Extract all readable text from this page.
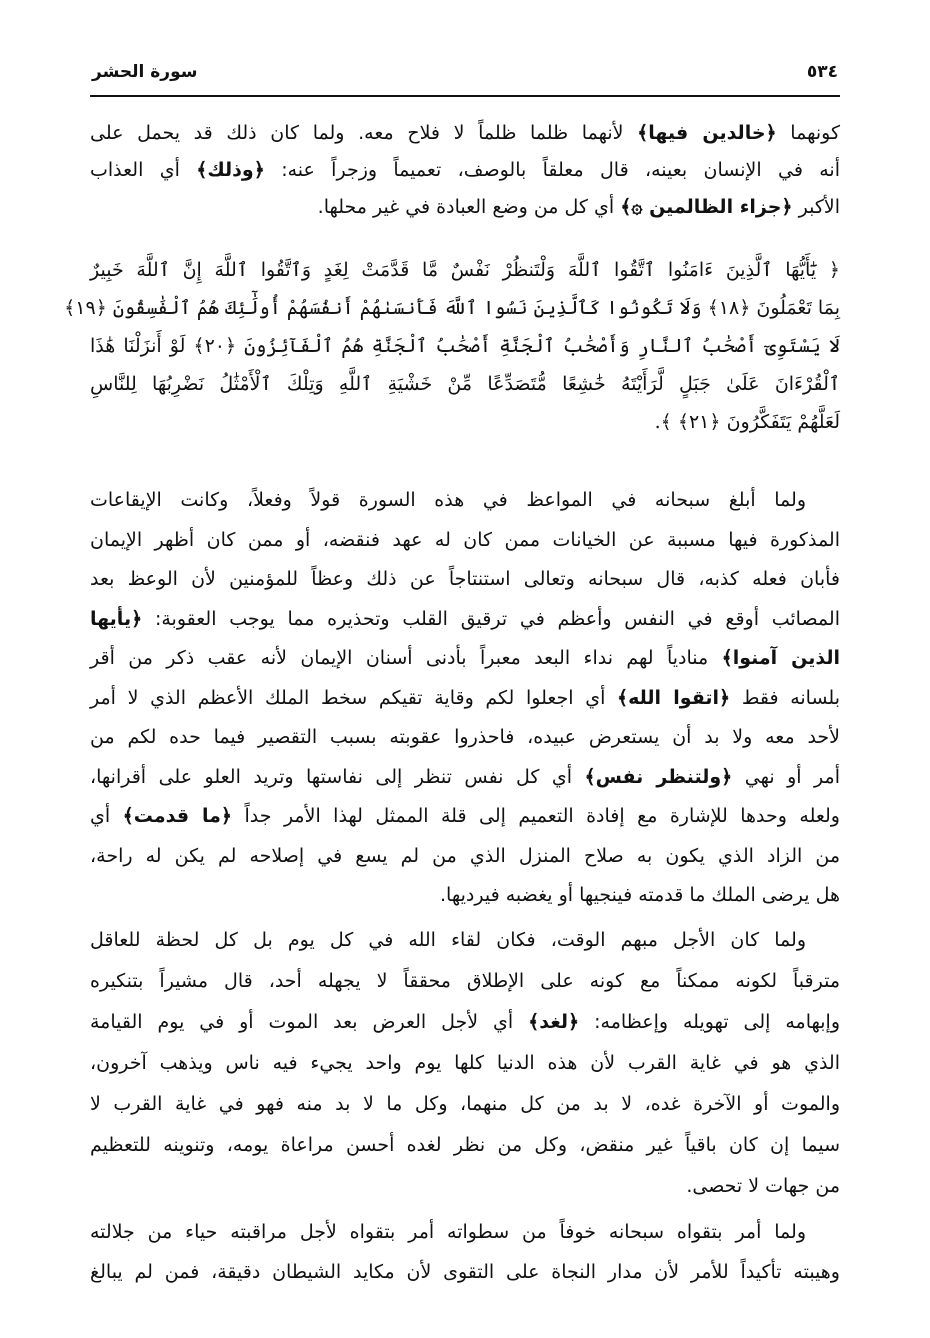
٥٣٤
سورة الحشر
كونهما ﴿خالدين فيها﴾ لأنهما ظلما ظلماً لا فلاح معه. ولما كان ذلك قد يحمل على
أنه في الإنسان بعينه، قال معلقاً بالوصف، تعميماً وزجراً عنه: ﴿وذلك﴾ أي العذاب
الأكبر ﴿جزاء الظالمين ۞﴾ أي كل من وضع العبادة في غير محلها.
﴿ يَٰٓأَيُّهَا ٱلَّذِينَ ءَامَنُوا ٱتَّقُوا ٱللَّهَ وَلْتَنظُرْ نَفْسٌ مَّا قَدَّمَتْ لِغَدٍ وَٱتَّقُوا ٱللَّهَ إِنَّ ٱللَّهَ خَبِيرٌ
بِمَا تَعْمَلُونَ ﴿١٨﴾ وَلَا تَكُونُوا كَٱلَّذِينَ نَسُوا ٱللَّهَ فَأَنسَىٰهُمْ أَنفُسَهُمْ أُولَٰٓئِكَ هُمُ ٱلْفَٰسِقُونَ ﴿١٩﴾
لَا يَسْتَوِىٓ أَصْحَٰبُ ٱلنَّارِ وَأَصْحَٰبُ ٱلْجَنَّةِ أَصْحَٰبُ ٱلْجَنَّةِ هُمُ ٱلْفَآئِزُونَ ﴿٢٠﴾ لَوْ أَنزَلْنَا هَٰذَا
ٱلْقُرْءَانَ عَلَىٰ جَبَلٍ لَّرَأَيْتَهُ خَٰشِعًا مُّتَصَدِّعًا مِّنْ خَشْيَةِ ٱللَّهِ وَتِلْكَ ٱلْأَمْثَٰلُ نَضْرِبُهَا لِلنَّاسِ
لَعَلَّهُمْ يَتَفَكَّرُونَ ﴿٢١﴾ ﴾.
ولما أبلغ سبحانه في المواعظ في هذه السورة قولاً وفعلاً، وكانت الإيقاعات
المذكورة فيها مسببة عن الخيانات ممن كان له عهد فنقضه، أو ممن كان أظهر الإيمان
فأبان فعله كذبه، قال سبحانه وتعالى استنتاجاً عن ذلك وعظاً للمؤمنين لأن الوعظ بعد
المصائب أوقع في النفس وأعظم في ترقيق القلب وتحذيره مما يوجب العقوبة: ﴿يأيها
الذين آمنوا﴾ منادياً لهم نداء البعد معبراً بأدنى أسنان الإيمان لأنه عقب ذكر من أقر
بلسانه فقط ﴿اتقوا الله﴾ أي اجعلوا لكم وقاية تقيكم سخط الملك الأعظم الذي لا أمر
لأحد معه ولا بد أن يستعرض عبيده، فاحذروا عقوبته بسبب التقصير فيما حده لكم من
أمر أو نهي ﴿ولتنظر نفس﴾ أي كل نفس تنظر إلى نفاستها وتريد العلو على أقرانها،
ولعله وحدها للإشارة مع إفادة التعميم إلى قلة الممثل لهذا الأمر جداً ﴿ما قدمت﴾ أي
من الزاد الذي يكون به صلاح المنزل الذي من لم يسع في إصلاحه لم يكن له راحة،
هل يرضى الملك ما قدمته فينجيها أو يغضبه فيرديها.
ولما كان الأجل مبهم الوقت، فكان لقاء الله في كل يوم بل كل لحظة للعاقل
مترقباً لكونه ممكناً مع كونه على الإطلاق محققاً لا يجهله أحد، قال مشيراً بتنكيره
وإبهامه إلى تهويله وإعظامه: ﴿لغد﴾ أي لأجل العرض بعد الموت أو في يوم القيامة
الذي هو في غاية القرب لأن هذه الدنيا كلها يوم واحد يجيء فيه ناس ويذهب آخرون،
والموت أو الآخرة غده، لا بد من كل منهما، وكل ما لا بد منه فهو في غاية القرب لا
سيما إن كان باقياً غير منقض، وكل من نظر لغده أحسن مراعاة يومه، وتنوينه للتعظيم
من جهات لا تحصى.
ولما أمر بتقواه سبحانه خوفاً من سطواته أمر بتقواه لأجل مراقبته حياء من جلالته
وهيبته تأكيداً للأمر لأن مدار النجاة على التقوى لأن مكايد الشيطان دقيقة، فمن لم يبالغ
